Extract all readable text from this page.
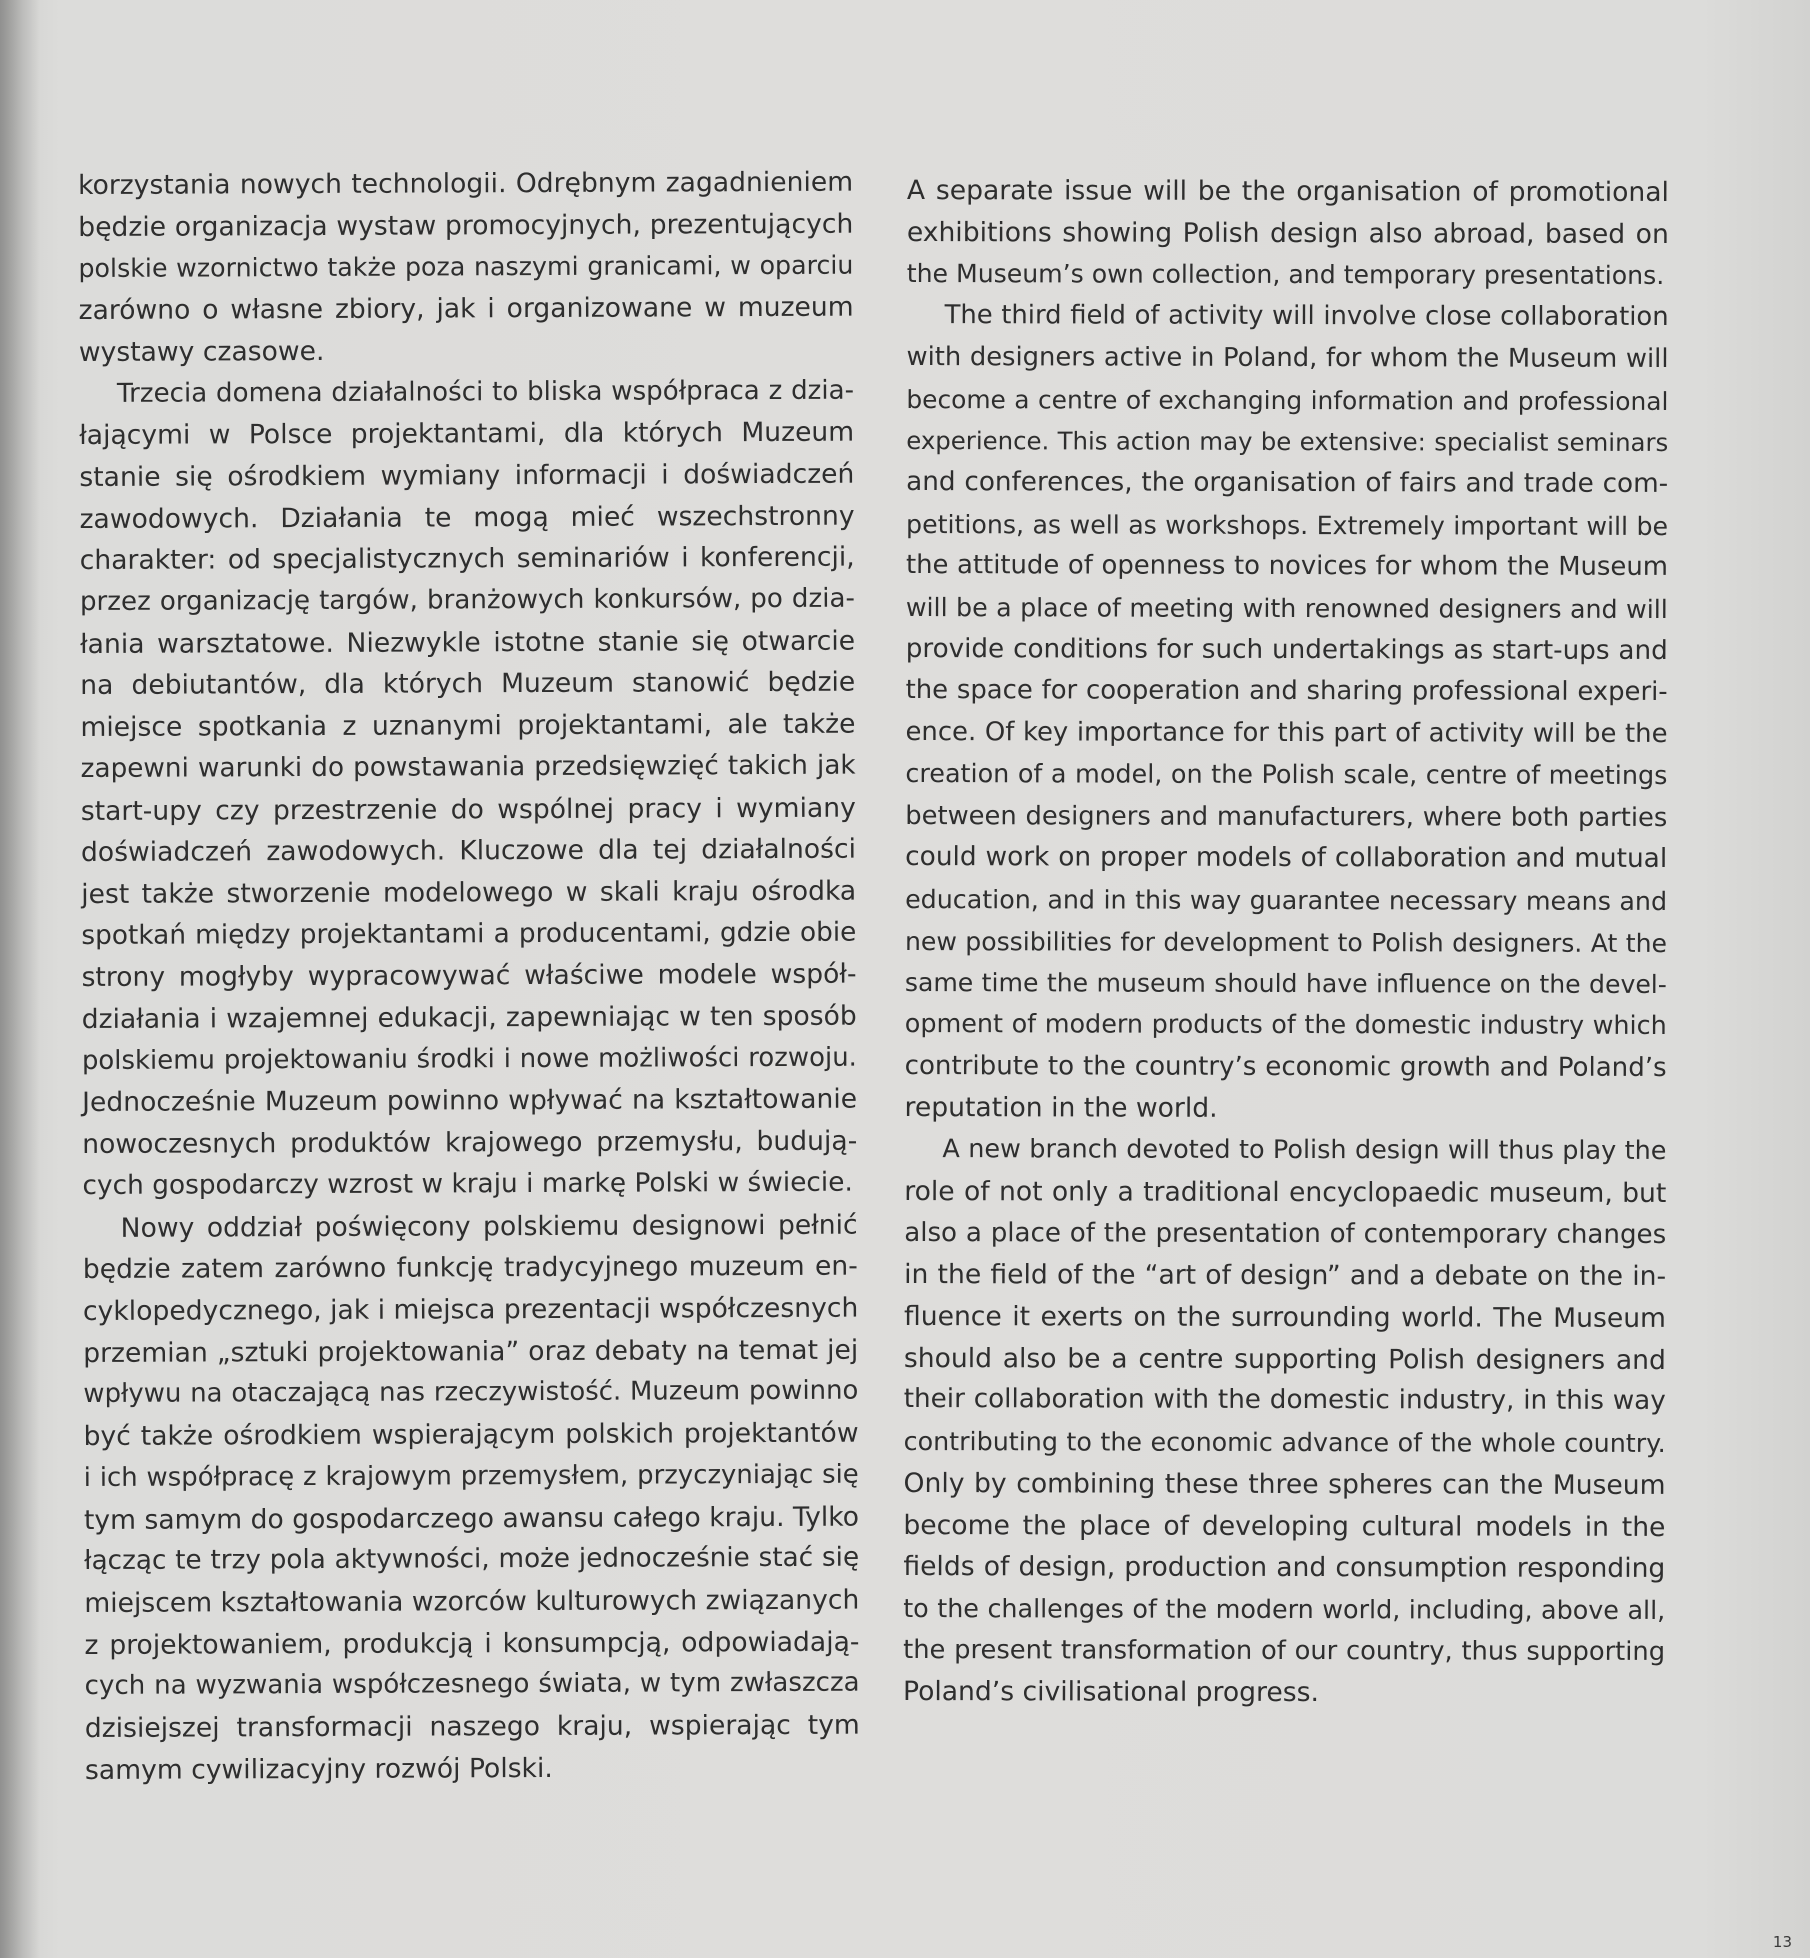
korzystania nowych technologii. Odrębnym zagadnieniem
będzie organizacja wystaw promocyjnych, prezentujących
polskie wzornictwo także poza naszymi granicami, w oparciu
zarówno o własne zbiory, jak i organizowane w muzeum
wystawy czasowe.
Trzecia domena działalności to bliska współpraca z dzia-
łającymi w Polsce projektantami, dla których Muzeum
stanie się ośrodkiem wymiany informacji i doświadczeń
zawodowych. Działania te mogą mieć wszechstronny
charakter: od specjalistycznych seminariów i konferencji,
przez organizację targów, branżowych konkursów, po dzia-
łania warsztatowe. Niezwykle istotne stanie się otwarcie
na debiutantów, dla których Muzeum stanowić będzie
miejsce spotkania z uznanymi projektantami, ale także
zapewni warunki do powstawania przedsięwzięć takich jak
start-upy czy przestrzenie do wspólnej pracy i wymiany
doświadczeń zawodowych. Kluczowe dla tej działalności
jest także stworzenie modelowego w skali kraju ośrodka
spotkań między projektantami a producentami, gdzie obie
strony mogłyby wypracowywać właściwe modele współ-
działania i wzajemnej edukacji, zapewniając w ten sposób
polskiemu projektowaniu środki i nowe możliwości rozwoju.
Jednocześnie Muzeum powinno wpływać na kształtowanie
nowoczesnych produktów krajowego przemysłu, budują-
cych gospodarczy wzrost w kraju i markę Polski w świecie.
Nowy oddział poświęcony polskiemu designowi pełnić
będzie zatem zarówno funkcję tradycyjnego muzeum en-
cyklopedycznego, jak i miejsca prezentacji współczesnych
przemian „sztuki projektowania” oraz debaty na temat jej
wpływu na otaczającą nas rzeczywistość. Muzeum powinno
być także ośrodkiem wspierającym polskich projektantów
i ich współpracę z krajowym przemysłem, przyczyniając się
tym samym do gospodarczego awansu całego kraju. Tylko
łącząc te trzy pola aktywności, może jednocześnie stać się
miejscem kształtowania wzorców kulturowych związanych
z projektowaniem, produkcją i konsumpcją, odpowiadają-
cych na wyzwania współczesnego świata, w tym zwłaszcza
dzisiejszej transformacji naszego kraju, wspierając tym
samym cywilizacyjny rozwój Polski.
A separate issue will be the organisation of promotional
exhibitions showing Polish design also abroad, based on
the Museum’s own collection, and temporary presentations.
The third field of activity will involve close collaboration
with designers active in Poland, for whom the Museum will
become a centre of exchanging information and professional
experience. This action may be extensive: specialist seminars
and conferences, the organisation of fairs and trade com-
petitions, as well as workshops. Extremely important will be
the attitude of openness to novices for whom the Museum
will be a place of meeting with renowned designers and will
provide conditions for such undertakings as start-ups and
the space for cooperation and sharing professional experi-
ence. Of key importance for this part of activity will be the
creation of a model, on the Polish scale, centre of meetings
between designers and manufacturers, where both parties
could work on proper models of collaboration and mutual
education, and in this way guarantee necessary means and
new possibilities for development to Polish designers. At the
same time the museum should have influence on the devel-
opment of modern products of the domestic industry which
contribute to the country’s economic growth and Poland’s
reputation in the world.
A new branch devoted to Polish design will thus play the
role of not only a traditional encyclopaedic museum, but
also a place of the presentation of contemporary changes
in the field of the “art of design” and a debate on the in-
fluence it exerts on the surrounding world. The Museum
should also be a centre supporting Polish designers and
their collaboration with the domestic industry, in this way
contributing to the economic advance of the whole country.
Only by combining these three spheres can the Museum
become the place of developing cultural models in the
fields of design, production and consumption responding
to the challenges of the modern world, including, above all,
the present transformation of our country, thus supporting
Poland’s civilisational progress.
13
